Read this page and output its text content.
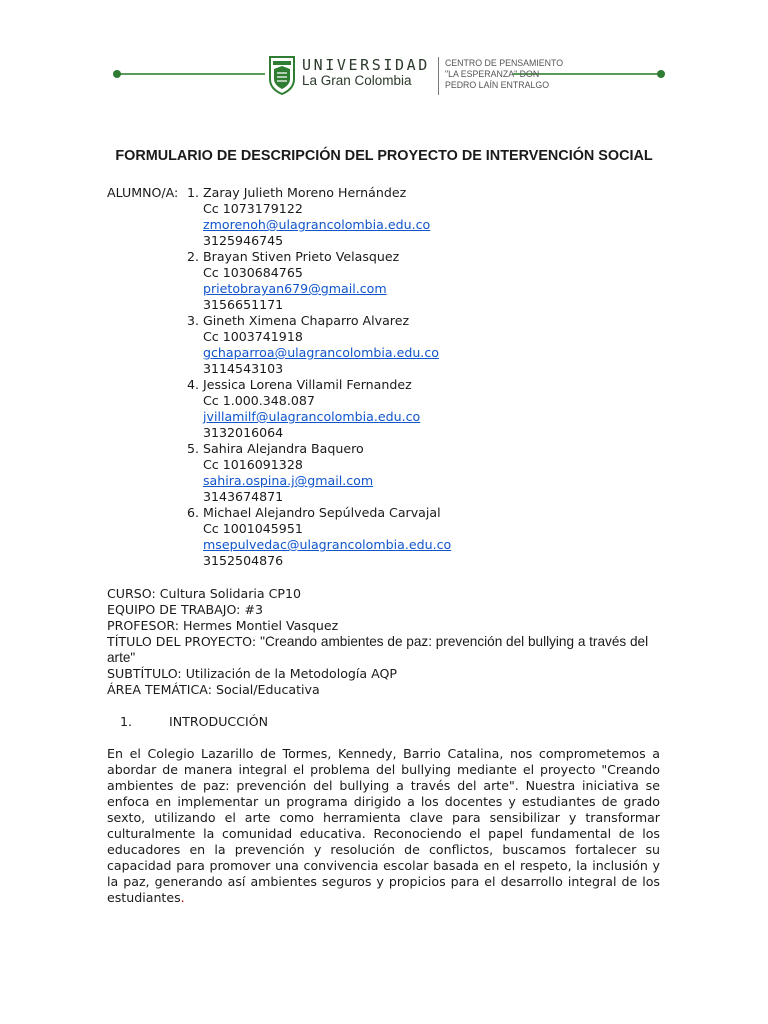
UNIVERSIDAD
La Gran Colombia
CENTRO DE PENSAMIENTO
"LA ESPERANZA" DON
PEDRO LAÍN ENTRALGO
FORMULARIO DE DESCRIPCIÓN DEL PROYECTO DE INTERVENCIÓN SOCIAL
ALUMNO/A: 1. Zaray Julieth Moreno Hernández
Cc 1073179122
zmorenoh@ulagrancolombia.edu.co
3125946745
2. Brayan Stiven Prieto Velasquez
Cc 1030684765
prietobrayan679@gmail.com
3156651171
3. Gineth Ximena Chaparro Alvarez
Cc 1003741918
gchaparroa@ulagrancolombia.edu.co
3114543103
4. Jessica Lorena Villamil Fernandez
Cc 1.000.348.087
jvillamilf@ulagrancolombia.edu.co
3132016064
5. Sahira Alejandra Baquero
Cc 1016091328
sahira.ospina.j@gmail.com
3143674871
6. Michael Alejandro Sepúlveda Carvajal
Cc 1001045951
msepulvedac@ulagrancolombia.edu.co
3152504876
CURSO: Cultura Solidaria CP10
EQUIPO DE TRABAJO: #3
PROFESOR: Hermes Montiel Vasquez
TÍTULO DEL PROYECTO: "Creando ambientes de paz: prevención del bullying a través del arte"
SUBTÍTULO: Utilización de la Metodología AQP
ÁREA TEMÁTICA: Social/Educativa
1.	INTRODUCCIÓN
En el Colegio Lazarillo de Tormes, Kennedy, Barrio Catalina, nos comprometemos a abordar de manera integral el problema del bullying mediante el proyecto "Creando ambientes de paz: prevención del bullying a través del arte". Nuestra iniciativa se enfoca en implementar un programa dirigido a los docentes y estudiantes de grado sexto, utilizando el arte como herramienta clave para sensibilizar y transformar culturalmente la comunidad educativa. Reconociendo el papel fundamental de los educadores en la prevención y resolución de conflictos, buscamos fortalecer su capacidad para promover una convivencia escolar basada en el respeto, la inclusión y la paz, generando así ambientes seguros y propicios para el desarrollo integral de los estudiantes.
